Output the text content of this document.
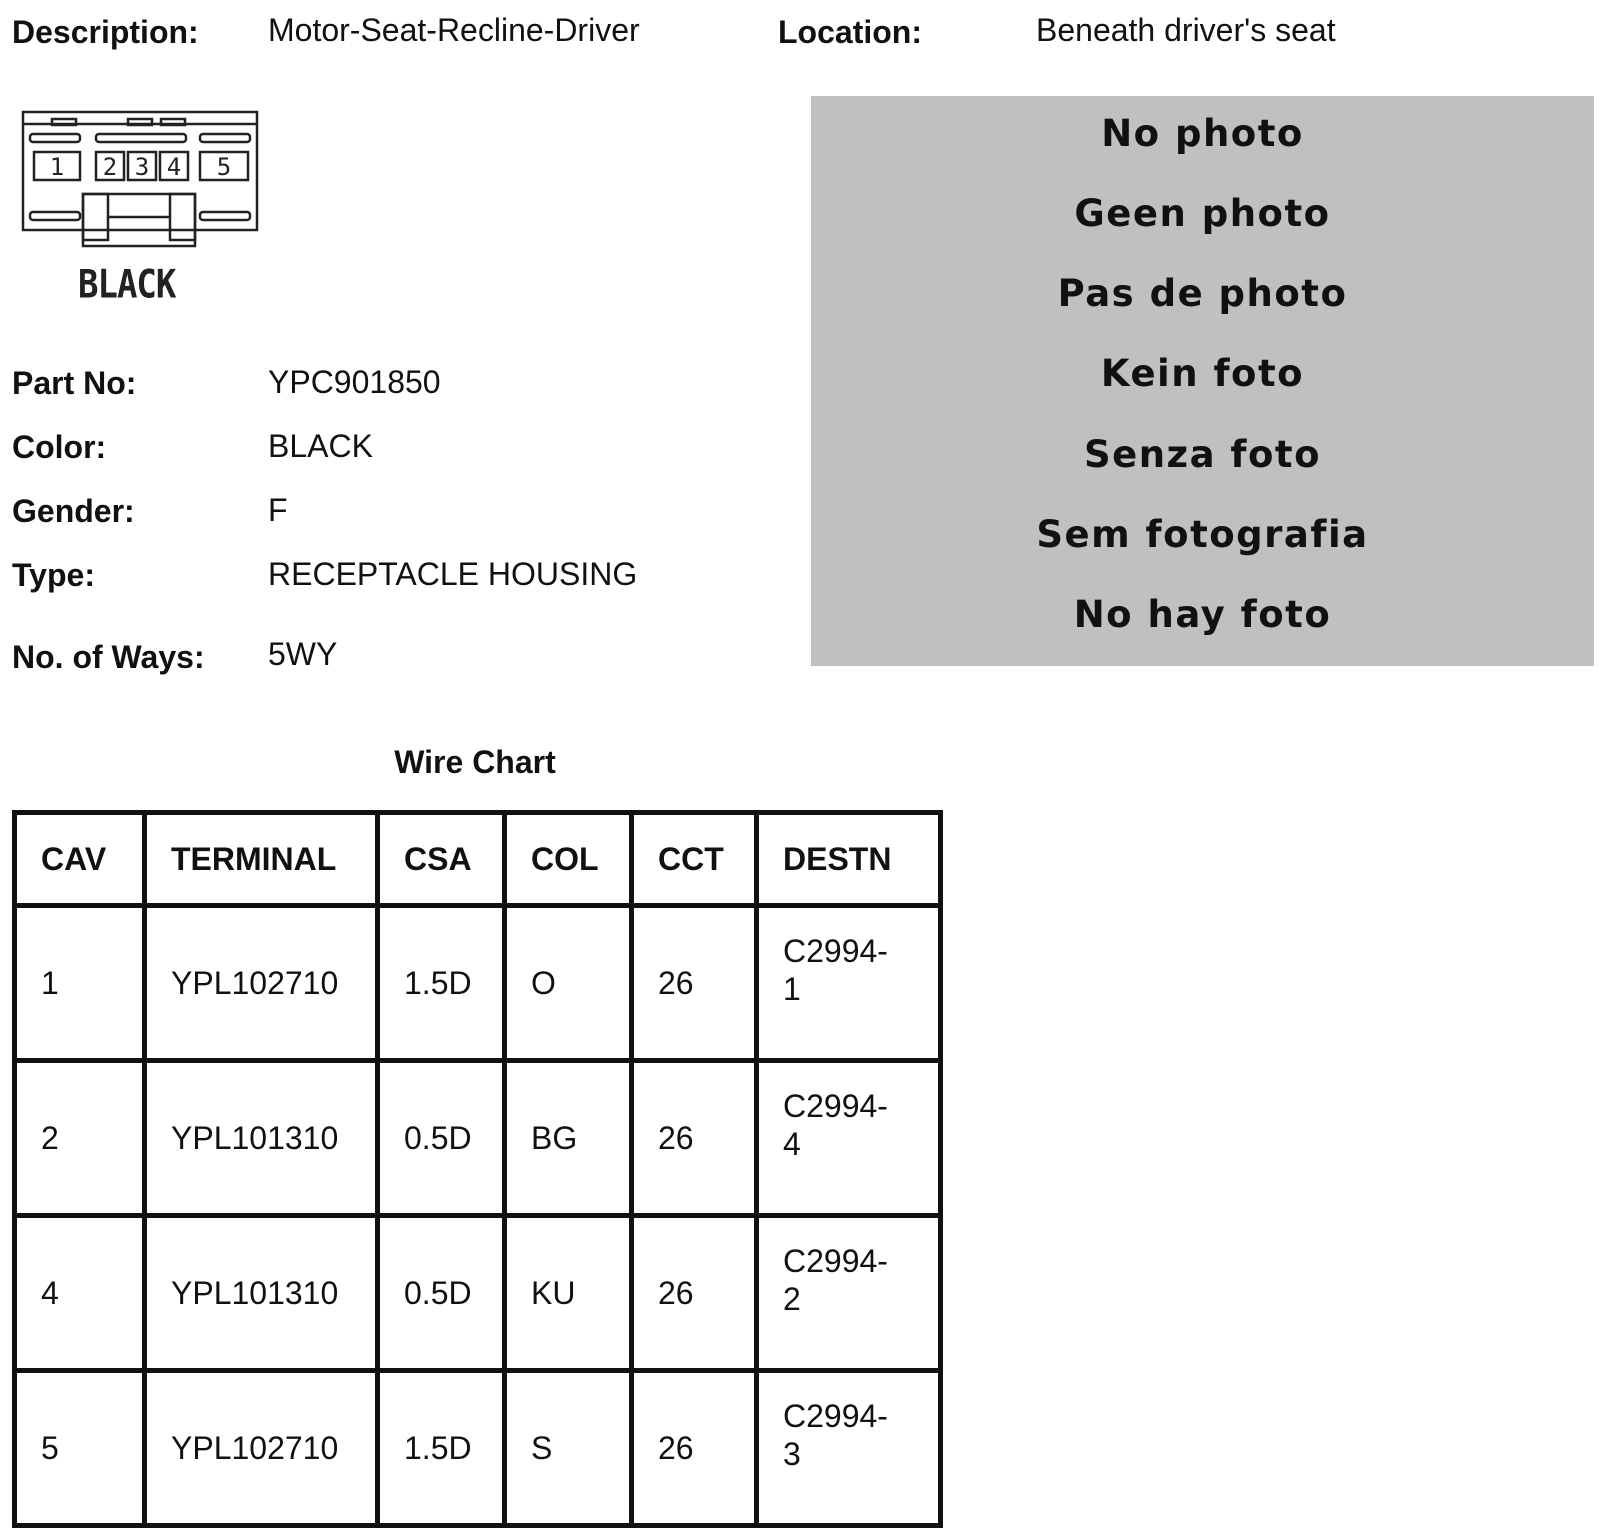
Description: Motor-Seat-Recline-Driver	Location:	Beneath driver's seat
1 2 3 4 5
BLACK
No photo
Geen photo
Pas de photo
Kein foto
Senza foto
Sem fotografia
No hay foto
Part No:	YPC901850
Color:	BLACK
Gender:	F
Type:	RECEPTACLE HOUSING
No. of Ways: 5WY
Wire Chart
CAV	TERMINAL	CSA	COL	CCT	DESTN
1	YPL102710	1.5D	O	26	C2994-
1
2	YPL101310	0.5D	BG	26	C2994-
4
4	YPL101310	0.5D	KU	26	C2994-
2
5	YPL102710	1.5D	S	26	C2994-
3
